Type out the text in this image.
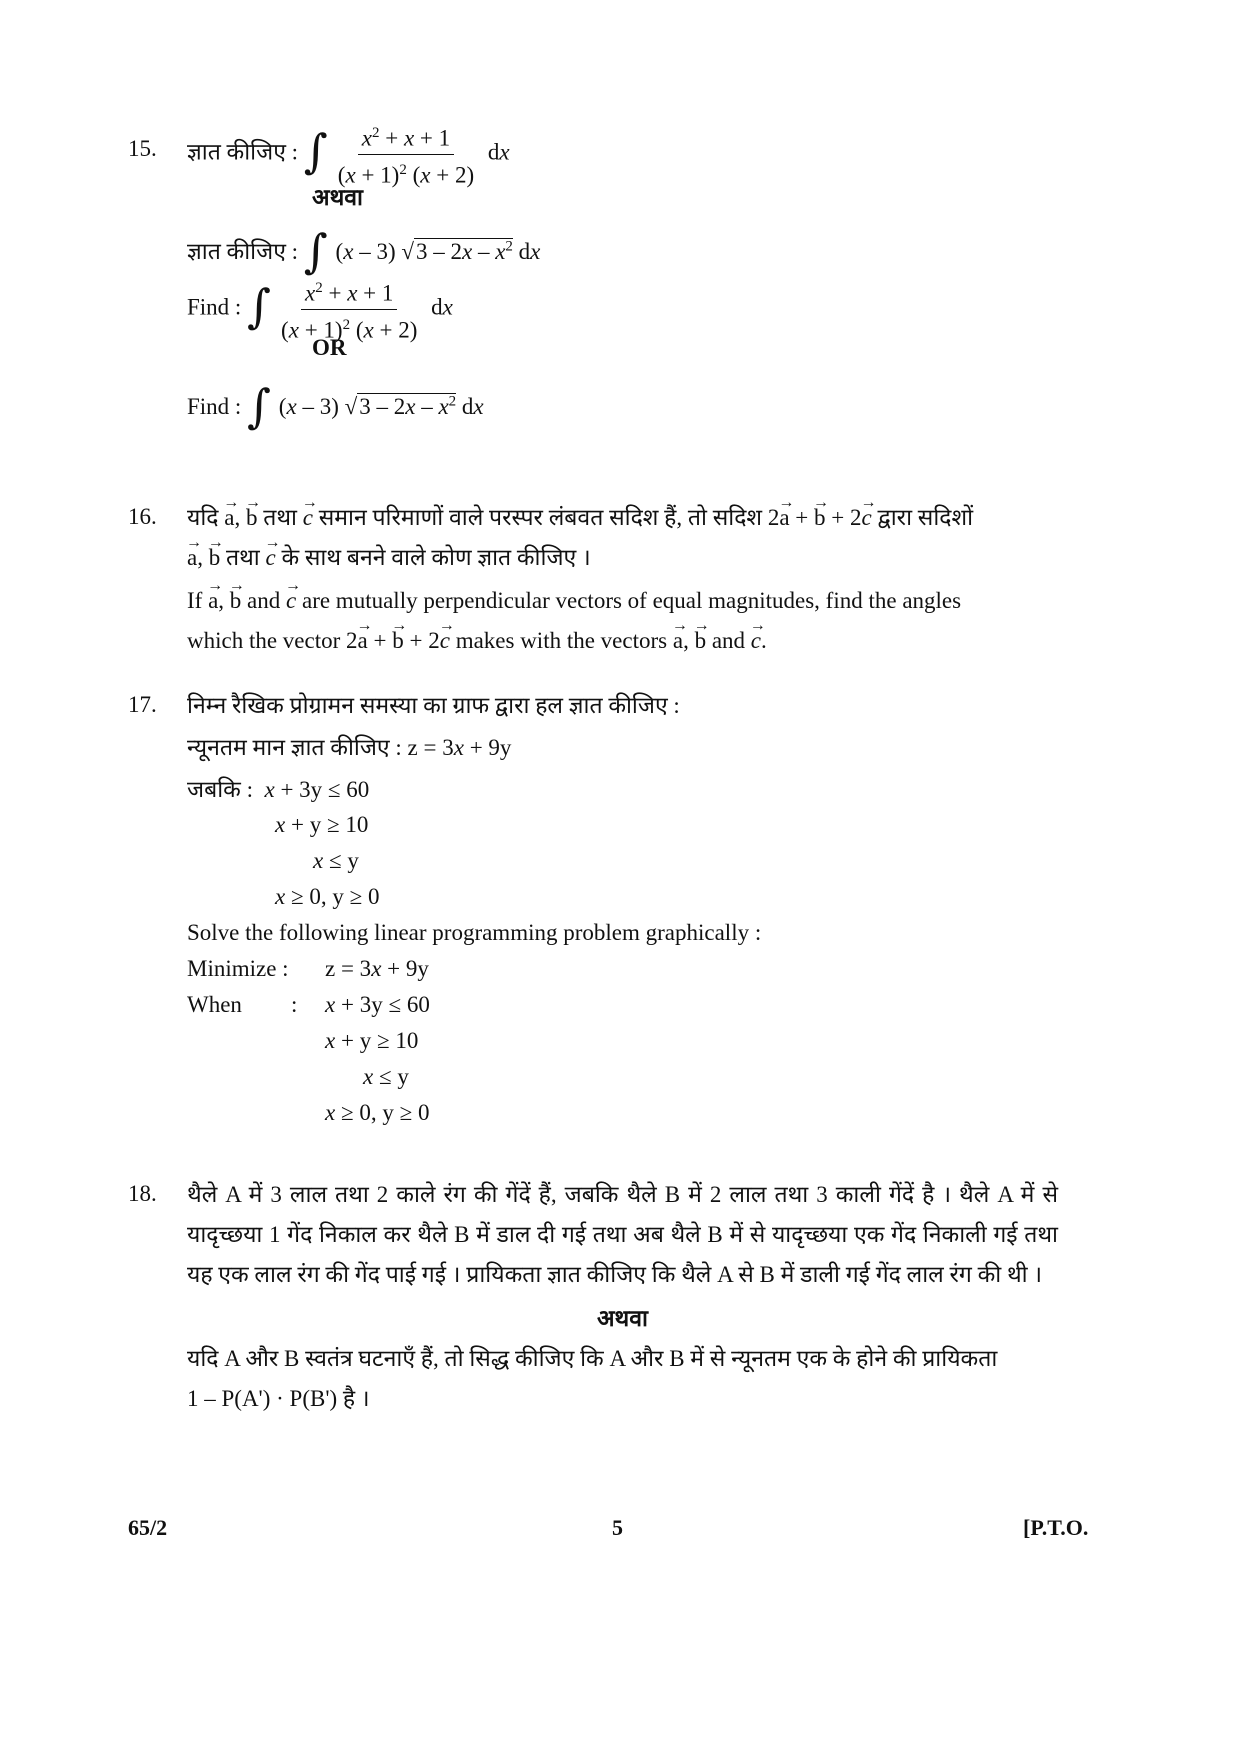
15. ज्ञात कीजिए : ∫ $\frac{x^2 + x + 1}{(x + 1)^2 (x + 2)}$ dx
अथवा
ज्ञात कीजिए : ∫ (x – 3) $√3 - 2x - x^2$ dx
Find : ∫ $\frac{x^2 + x + 1}{(x + 1)^2 (x + 2)}$ dx
OR
Find : ∫ (x – 3) $√3 - 2x - x^2$ dx
16. यदि → a, → b तथा → c समान परिमाणों वाले परस्पर लंबवत सदिश हैं, तो सदिश 2→ a + → b + 2→ c द्वारा सदिशों
→ a, → b तथा → c के साथ बनने वाले कोण ज्ञात कीजिए ।
If → a, → b and → c are mutually perpendicular vectors of equal magnitudes, find the angles
which the vector 2→ a + → b + 2→ c makes with the vectors → a, → b and → c.
17. निम्न रैखिक प्रोग्रामन समस्या का ग्राफ द्वारा हल ज्ञात कीजिए :
न्यूनतम मान ज्ञात कीजिए : z = 3x + 9y
जबकि : x + 3y ≤ 60
x + y ≥ 10
x ≤ y
x ≥ 0, y ≥ 0
Solve the following linear programming problem graphically :
Minimize : z = 3x + 9y
When : x + 3y ≤ 60
x + y ≥ 10
x ≤ y
x ≥ 0, y ≥ 0
18. थैले A में 3 लाल तथा 2 काले रंग की गेंदें हैं, जबकि थैले B में 2 लाल तथा 3 काली गेंदें है । थैले A में से यादृच्छया 1 गेंद निकाल कर थैले B में डाल दी गई तथा अब थैले B में से यादृच्छया एक गेंद निकाली गई तथा यह एक लाल रंग की गेंद पाई गई । प्रायिकता ज्ञात कीजिए कि थैले A से B में डाली गई गेंद लाल रंग की थी ।
अथवा
यदि A और B स्वतंत्र घटनाएँ हैं, तो सिद्ध कीजिए कि A और B में से न्यूनतम एक के होने की प्रायिकता
1 – P(A') · P(B') है ।
65/2	5	[P.T.O.
